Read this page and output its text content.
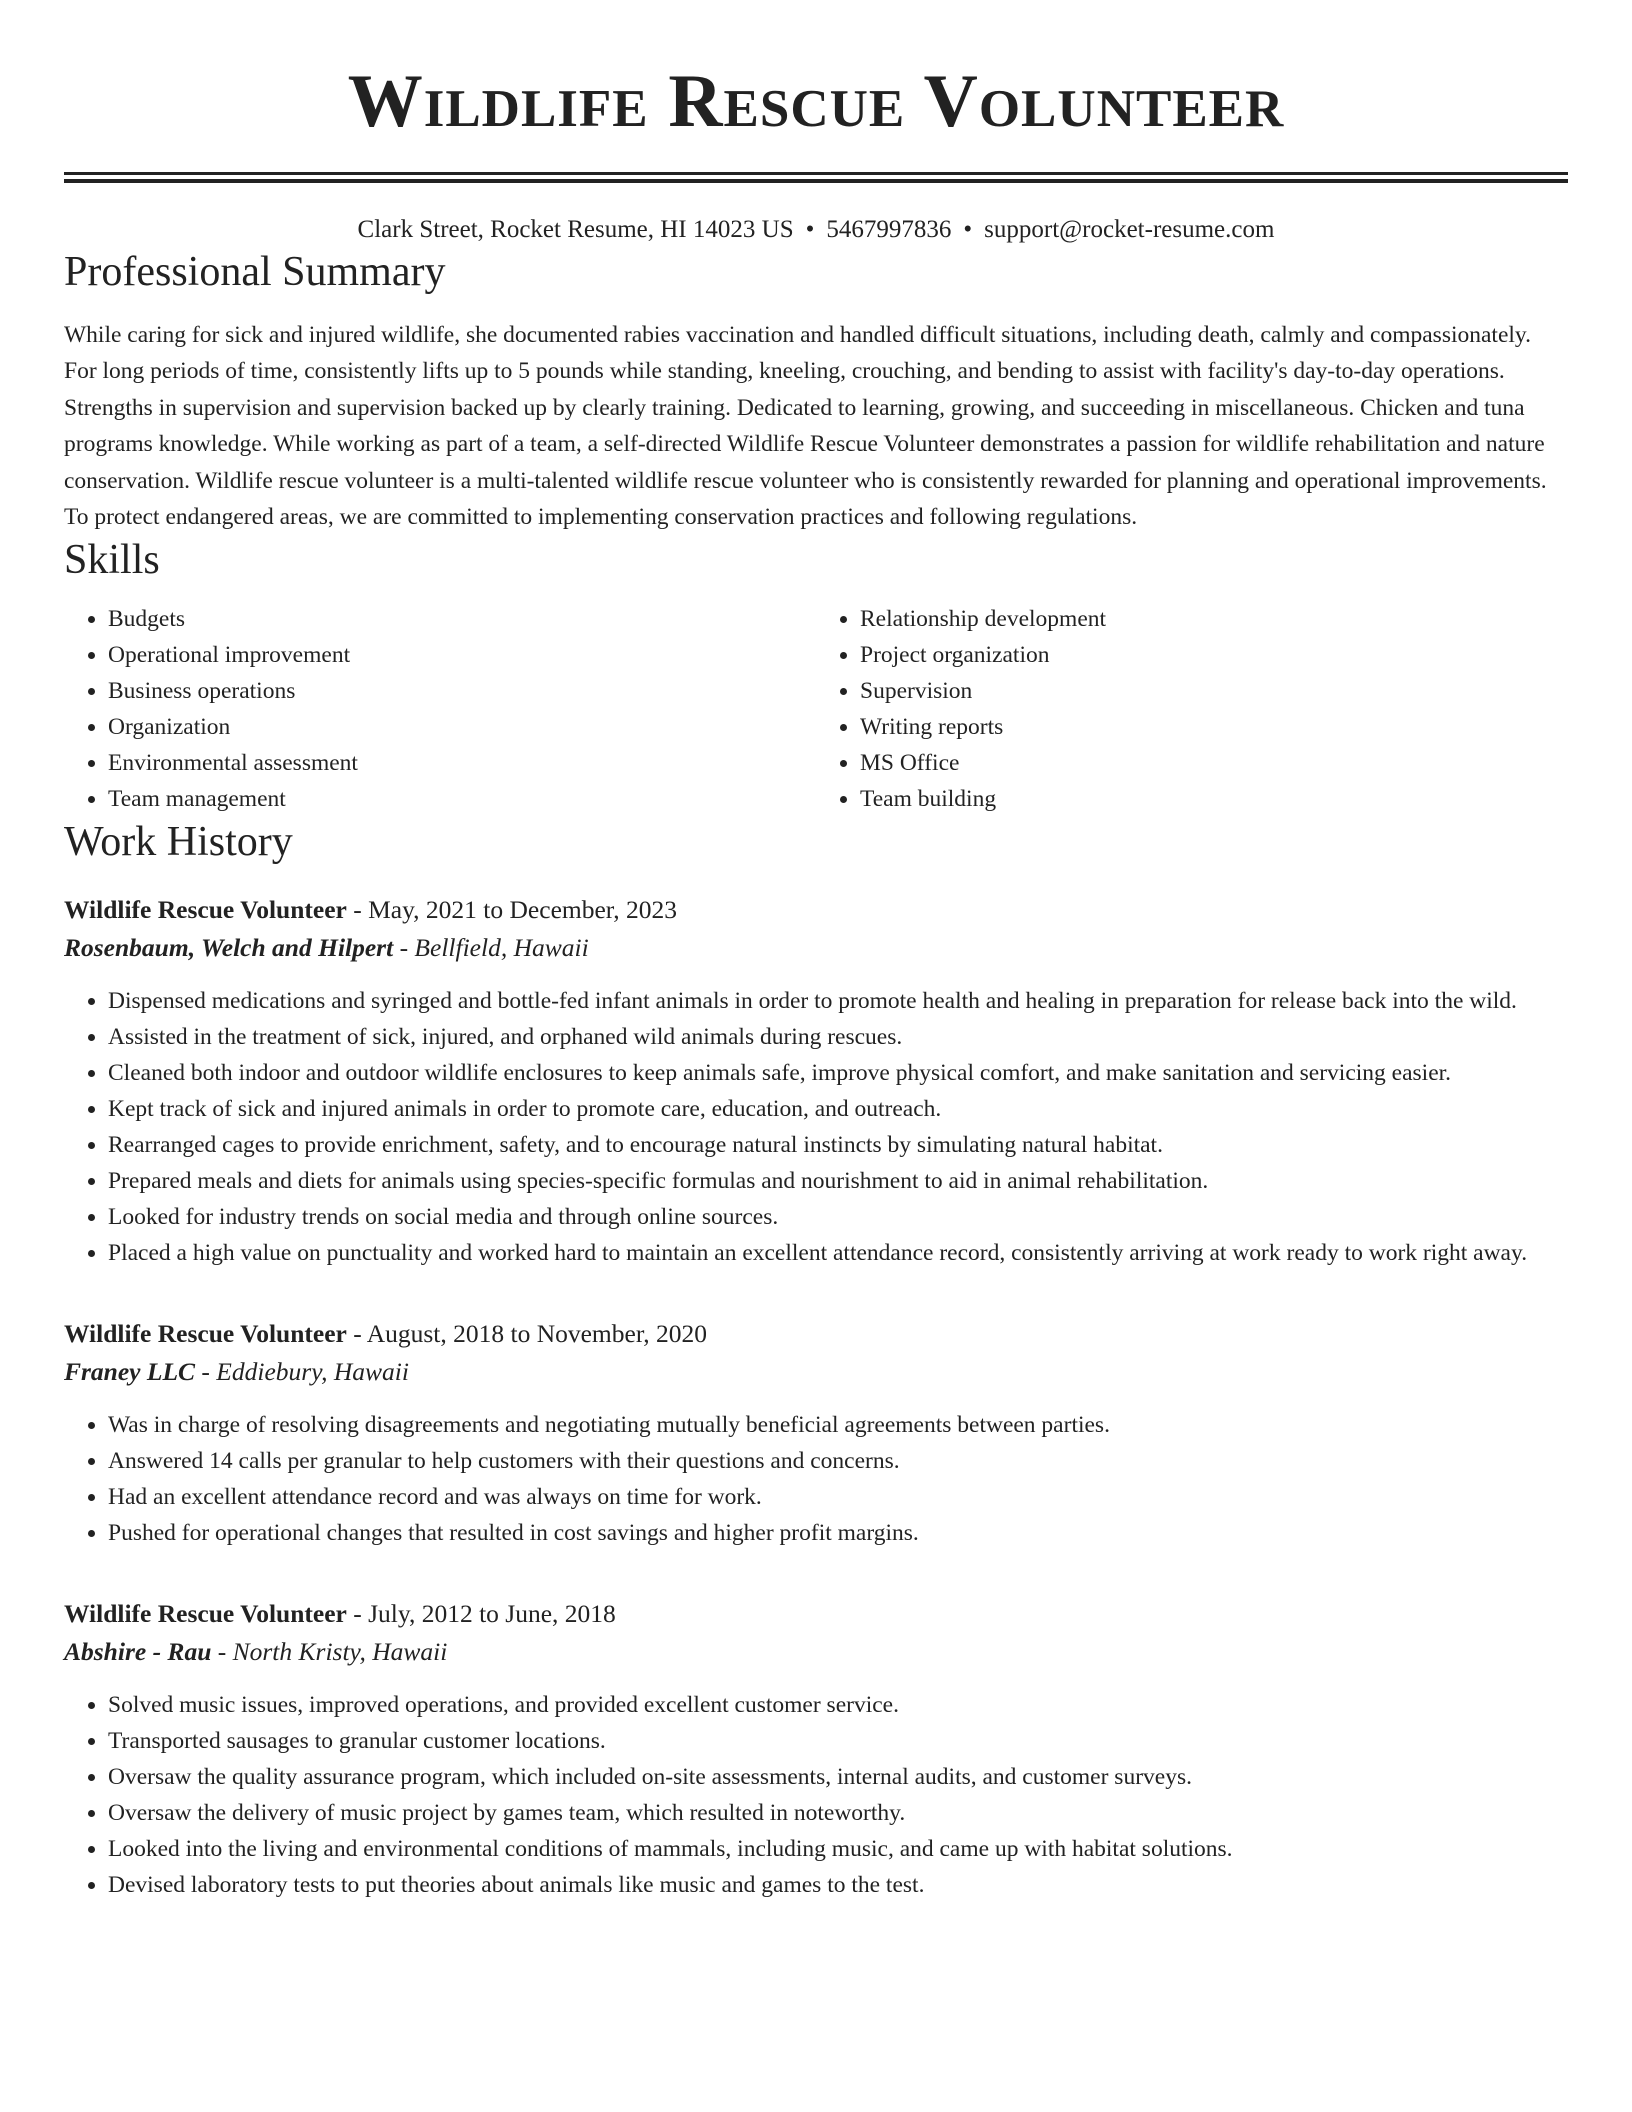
Wildlife Rescue Volunteer
Clark Street, Rocket Resume, HI 14023 US • 5467997836 • support@rocket-resume.com
Professional Summary

While caring for sick and injured wildlife, she documented rabies vaccination and handled difficult situations, including death, calmly and compassionately. For long periods of time, consistently lifts up to 5 pounds while standing, kneeling, crouching, and bending to assist with facility's day-to-day operations. Strengths in supervision and supervision backed up by clearly training. Dedicated to learning, growing, and succeeding in miscellaneous. Chicken and tuna programs knowledge. While working as part of a team, a self-directed Wildlife Rescue Volunteer demonstrates a passion for wildlife rehabilitation and nature conservation. Wildlife rescue volunteer is a multi-talented wildlife rescue volunteer who is consistently rewarded for planning and operational improvements. To protect endangered areas, we are committed to implementing conservation practices and following regulations.

Skills
• Budgets
• Operational improvement
• Business operations
• Organization
• Environmental assessment
• Team management
• Relationship development
• Project organization
• Supervision
• Writing reports
• MS Office
• Team building
Work History
Wildlife Rescue Volunteer - May, 2021 to December, 2023
Rosenbaum, Welch and Hilpert - Bellfield, Hawaii
• Dispensed medications and syringed and bottle-fed infant animals in order to promote health and healing in preparation for release back into the wild.
• Assisted in the treatment of sick, injured, and orphaned wild animals during rescues.
• Cleaned both indoor and outdoor wildlife enclosures to keep animals safe, improve physical comfort, and make sanitation and servicing easier.
• Kept track of sick and injured animals in order to promote care, education, and outreach.
• Rearranged cages to provide enrichment, safety, and to encourage natural instincts by simulating natural habitat.
• Prepared meals and diets for animals using species-specific formulas and nourishment to aid in animal rehabilitation.
• Looked for industry trends on social media and through online sources.
• Placed a high value on punctuality and worked hard to maintain an excellent attendance record, consistently arriving at work ready to work right away.
Wildlife Rescue Volunteer - August, 2018 to November, 2020
Franey LLC - Eddiebury, Hawaii
• Was in charge of resolving disagreements and negotiating mutually beneficial agreements between parties.
• Answered 14 calls per granular to help customers with their questions and concerns.
• Had an excellent attendance record and was always on time for work.
• Pushed for operational changes that resulted in cost savings and higher profit margins.
Wildlife Rescue Volunteer - July, 2012 to June, 2018
Abshire - Rau - North Kristy, Hawaii
• Solved music issues, improved operations, and provided excellent customer service.
• Transported sausages to granular customer locations.
• Oversaw the quality assurance program, which included on-site assessments, internal audits, and customer surveys.
• Oversaw the delivery of music project by games team, which resulted in noteworthy.
• Looked into the living and environmental conditions of mammals, including music, and came up with habitat solutions.
• Devised laboratory tests to put theories about animals like music and games to the test.
